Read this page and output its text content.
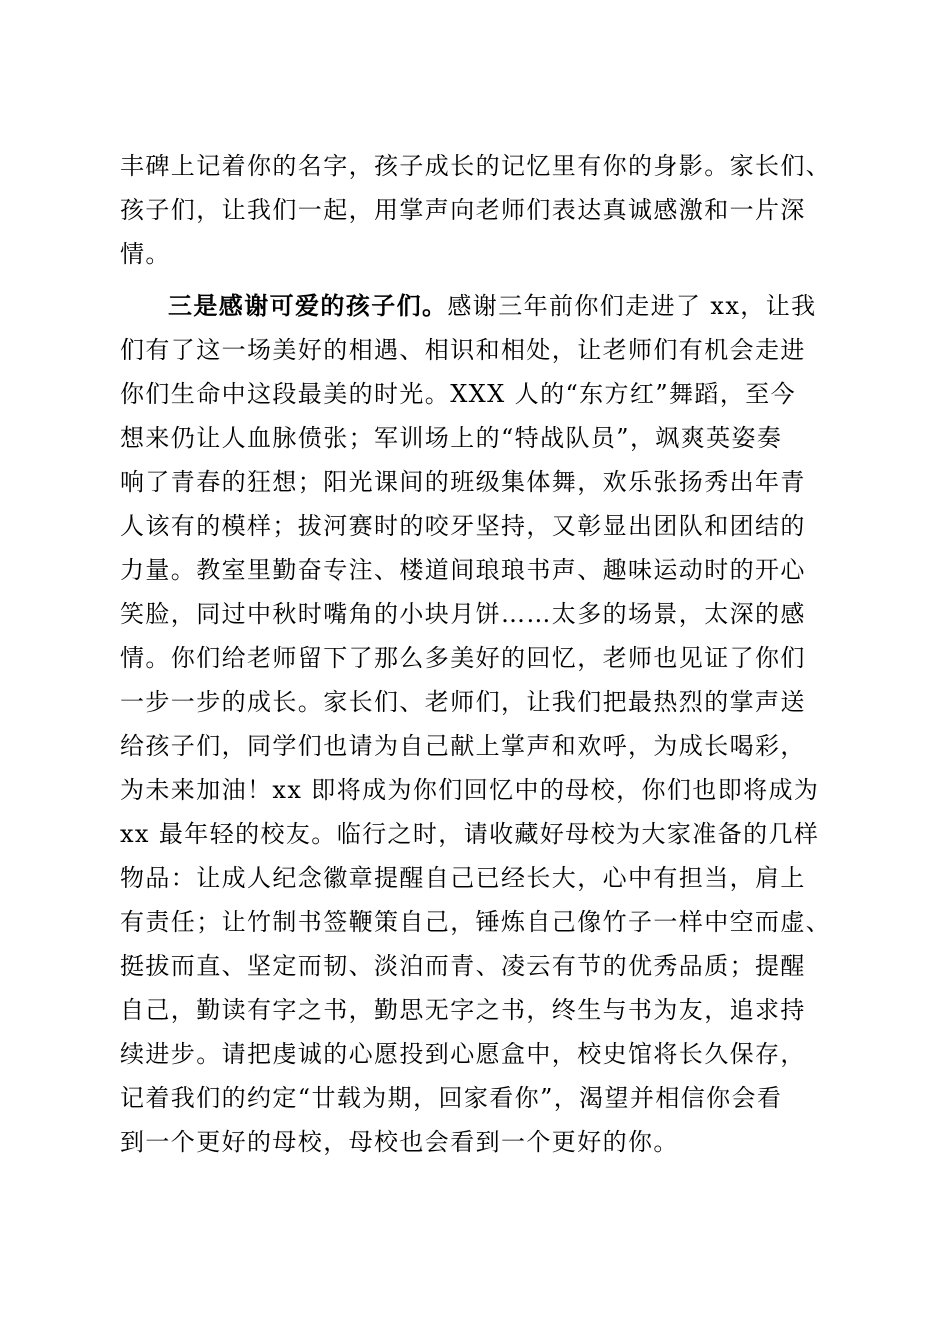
丰碑上记着你的名字，孩子成长的记忆里有你的身影。家长们、
孩子们，让我们一起，用掌声向老师们表达真诚感激和一片深
情。
三是感谢可爱的孩子们。感谢三年前你们走进了 xx，让我
们有了这一场美好的相遇、相识和相处，让老师们有机会走进
你们生命中这段最美的时光。XXX 人的“东方红”舞蹈，至今
想来仍让人血脉偾张；军训场上的“特战队员”，飒爽英姿奏
响了青春的狂想；阳光课间的班级集体舞，欢乐张扬秀出年青
人该有的模样；拔河赛时的咬牙坚持，又彰显出团队和团结的
力量。教室里勤奋专注、楼道间琅琅书声、趣味运动时的开心
笑脸，同过中秋时嘴角的小块月饼……太多的场景，太深的感
情。你们给老师留下了那么多美好的回忆，老师也见证了你们
一步一步的成长。家长们、老师们，让我们把最热烈的掌声送
给孩子们，同学们也请为自己献上掌声和欢呼，为成长喝彩，
为未来加油！xx 即将成为你们回忆中的母校，你们也即将成为
xx 最年轻的校友。临行之时，请收藏好母校为大家准备的几样
物品：让成人纪念徽章提醒自己已经长大，心中有担当，肩上
有责任；让竹制书签鞭策自己，锤炼自己像竹子一样中空而虚、
挺拔而直、坚定而韧、淡泊而青、凌云有节的优秀品质；提醒
自己，勤读有字之书，勤思无字之书，终生与书为友，追求持
续进步。请把虔诚的心愿投到心愿盒中，校史馆将长久保存，
记着我们的约定“廿载为期，回家看你”，渴望并相信你会看
到一个更好的母校，母校也会看到一个更好的你。
